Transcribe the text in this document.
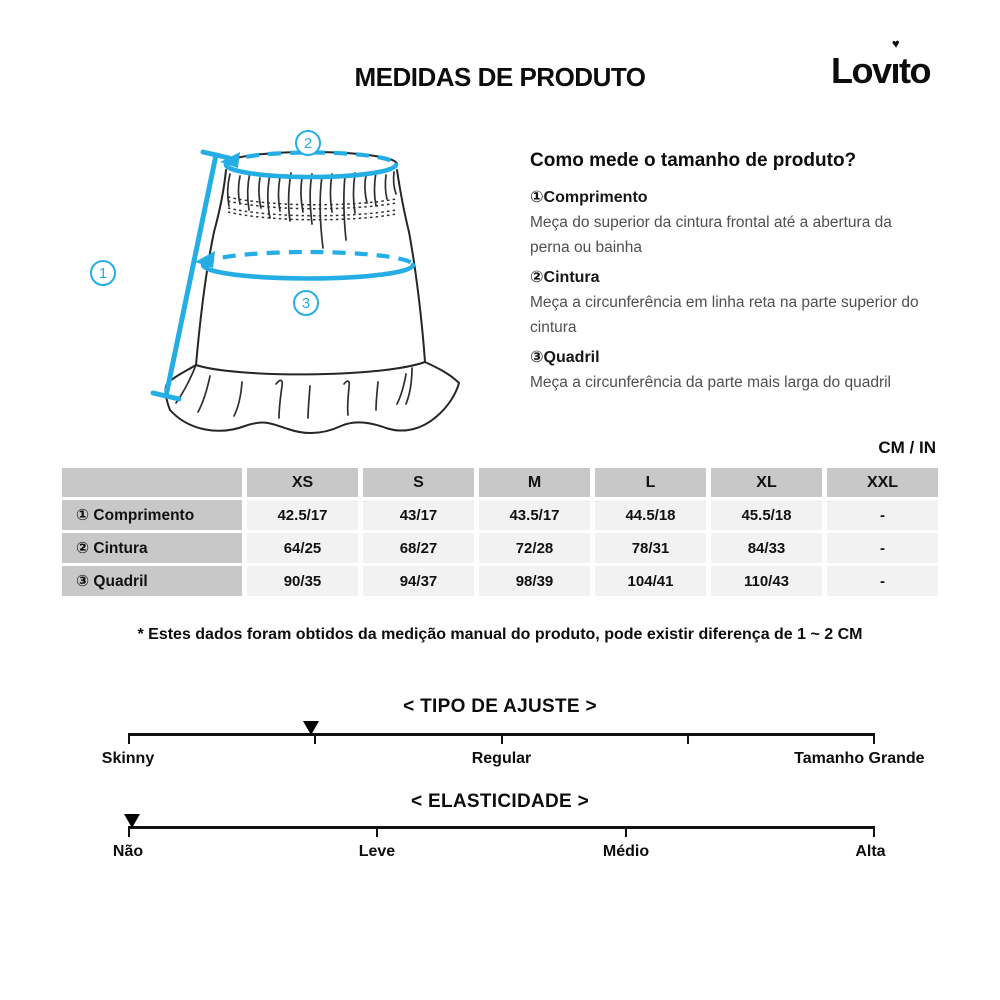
MEDIDAS DE PRODUTO	Lov
♥
ıto
1
2
3
Como mede o tamanho de produto?
①Comprimento
Meça do superior da cintura frontal até a abertura da perna ou bainha
②Cintura
Meça a circunferência em linha reta na parte superior do cintura
③Quadril
Meça a circunferência da parte mais larga do quadril
CM / IN
XS	S	M	L	XL	XXL
① Comprimento	42.5/17	43/17	43.5/17	44.5/18	45.5/18	-
② Cintura	64/25	68/27	72/28	78/31	84/33	-
③ Quadril	90/35	94/37	98/39	104/41	110/43	-
* Estes dados foram obtidos da medição manual do produto, pode existir diferença de 1 ~ 2 CM
< TIPO DE AJUSTE >
Skinny	Regular	Tamanho Grande
< ELASTICIDADE >
Não	Leve	Médio	Alta
